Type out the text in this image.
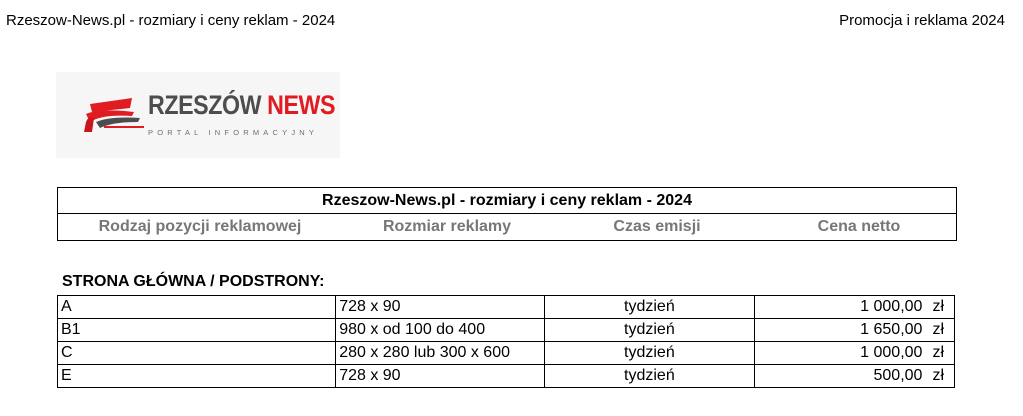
Rzeszow-News.pl - rozmiary i ceny reklam - 2024	Promocja i reklama 2024
RZESZÓW NEWS
PORTAL INFORMACYJNY
Rzeszow-News.pl - rozmiary i ceny reklam - 2024

Rodzaj pozycji reklamowej	Rozmiar reklamy	Czas emisji	Cena netto
STRONA GŁÓWNA / PODSTRONY:
A	728 x 90	tydzień	1 000,00 zł
B1	980 x od 100 do 400	tydzień	1 650,00 zł
C	280 x 280 lub 300 x 600	tydzień	1 000,00 zł
E	728 x 90	tydzień	500,00 zł
